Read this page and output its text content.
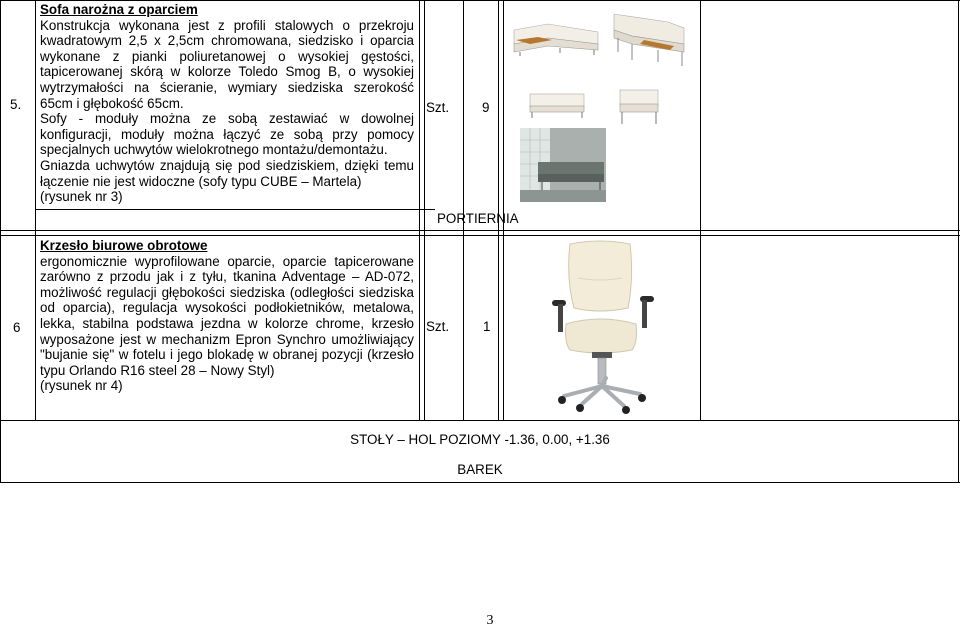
5.

Sofa narożna z oparciem

Konstrukcja wykonana jest z profili stalowych o przekroju kwadratowym 2,5 x 2,5cm chromowana, siedzisko i oparcia wykonane z pianki poliuretanowej o wysokiej gęstości, tapicerowanej skórą w kolorze Toledo Smog B, o wysokiej wytrzymałości na ścieranie, wymiary siedziska szerokość 65cm i głębokość 65cm.

Sofy - moduły można ze sobą zestawiać w dowolnej konfiguracji, moduły można łączyć ze sobą przy pomocy specjalnych uchwytów wielokrotnego montażu/demontażu.

Gniazda uchwytów znajdują się pod siedziskiem, dzięki temu łączenie nie jest widoczne (sofy typu CUBE – Martela)

(rysunek nr 3)

Szt. 9
PORTIERNIA
6

Krzesło biurowe obrotowe

ergonomicznie wyprofilowane oparcie, oparcie tapicerowane zarówno z przodu jak i z tyłu, tkanina Adventage – AD-072, możliwość regulacji głębokości siedziska (odległości siedziska od oparcia), regulacja wysokości podłokietników, metalowa, lekka, stabilna podstawa jezdna w kolorze chrome, krzesło wyposażone jest w mechanizm Epron Synchro umożliwiający "bujanie się" w fotelu i jego blokadę w obranej pozycji (krzesło typu Orlando R16 steel 28 – Nowy Styl)

(rysunek nr 4)

Szt.	1
STOŁY – HOL POZIOMY -1.36, 0.00, +1.36
BAREK
3
